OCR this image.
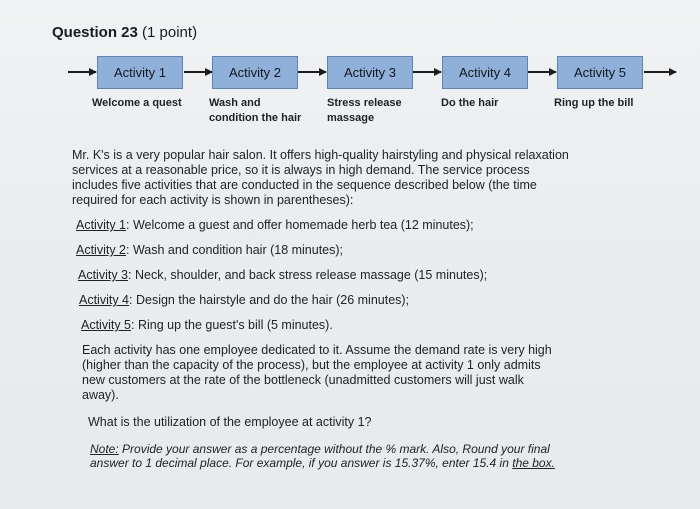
Question 23 (1 point)
Activity 1	Activity 2	Activity 3	Activity 4	Activity 5
Welcome a quest Wash and
condition the hair
Stress release
massage
Do the hair	Ring up the bill

Mr. K's is a very popular hair salon. It offers high-quality hairstyling and physical relaxation services at a reasonable price, so it is always in high demand. The service process includes five activities that are conducted in the sequence described below (the time required for each activity is shown in parentheses):

Activity 1: Welcome a guest and offer homemade herb tea (12 minutes);
Activity 2: Wash and condition hair (18 minutes);
Activity 3: Neck, shoulder, and back stress release massage (15 minutes);
Activity 4: Design the hairstyle and do the hair (26 minutes);
Activity 5: Ring up the guest's bill (5 minutes).

Each activity has one employee dedicated to it. Assume the demand rate is very high (higher than the capacity of the process), but the employee at activity 1 only admits new customers at the rate of the bottleneck (unadmitted customers will just walk away).

What is the utilization of the employee at activity 1?

Note: Provide your answer as a percentage without the % mark. Also, Round your final answer to 1 decimal place. For example, if you answer is 15.37%, enter 15.4 in the box.
